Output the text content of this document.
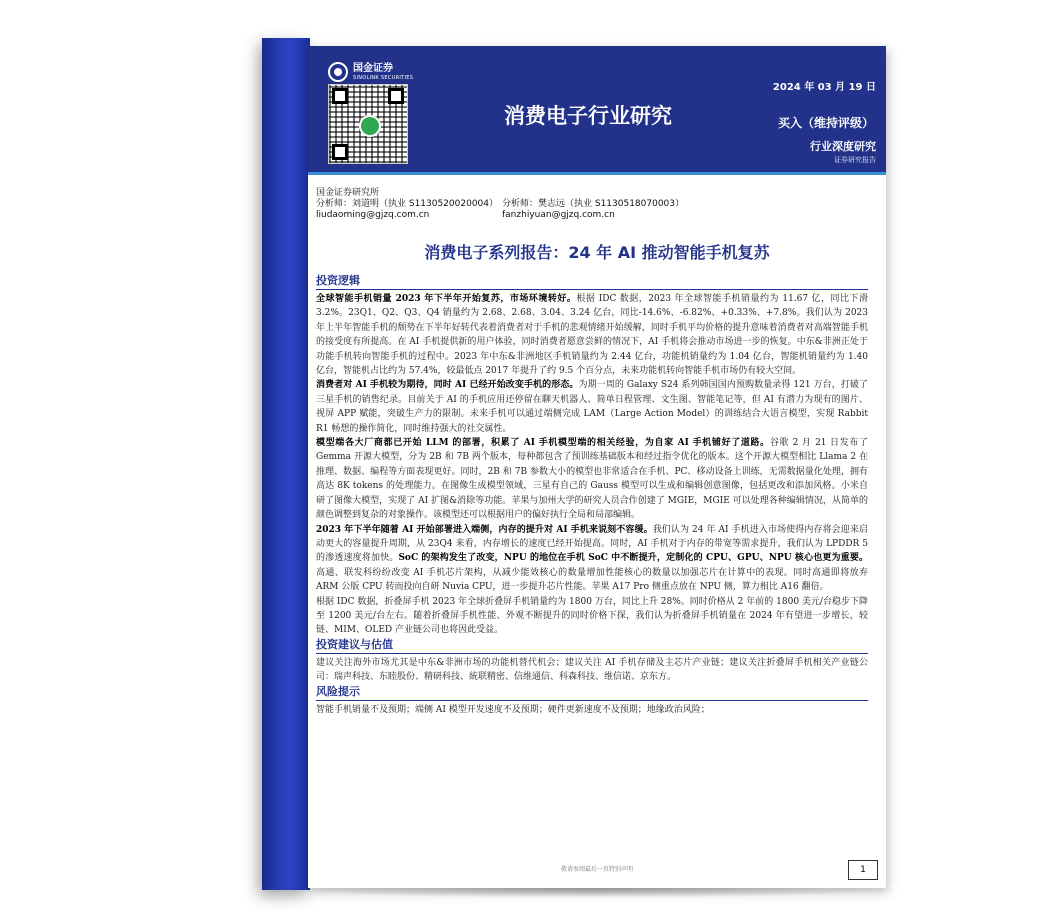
国金证券
SINOLINK SECURITIES
2024 年 03 月 19 日
消费电子行业研究	买入（维持评级）
行业深度研究
证券研究报告
国金证券研究所
分析师：刘道明（执业 S1130520020004） 分析师：樊志远（执业 S1130518070003）
liudaoming@gjzq.com.cn	fanzhiyuan@gjzq.com.cn
消费电子系列报告：24 年 AI 推动智能手机复苏
投资逻辑

全球智能手机销量 2023 年下半年开始复苏，市场环境转好。根据 IDC 数据，2023 年全球智能手机销量约为 11.67 亿，同比下滑 3.2%。23Q1、Q2、Q3、Q4 销量约为 2.68、2.68、3.04、3.24 亿台，同比-14.6%、-6.82%、+0.33%、+7.8%。我们认为 2023 年上半年智能手机的颓势在下半年好转代表着消费者对于手机的悲观情绪开始缓解，同时手机平均价格的提升意味着消费者对高端智能手机的接受度有所提高。在 AI 手机提供新的用户体验，同时消费者愿意尝鲜的情况下，AI 手机将会推动市场进一步的恢复。中东&非洲正处于功能手机转向智能手机的过程中。2023 年中东&非洲地区手机销量约为 2.44 亿台，功能机销量约为 1.04 亿台，智能机销量约为 1.40 亿台，智能机占比约为 57.4%，较最低点 2017 年提升了约 9.5 个百分点，未来功能机转向智能手机市场仍有较大空间。

消费者对 AI 手机较为期待，同时 AI 已经开始改变手机的形态。为期一周的 Galaxy S24 系列韩国国内预购数量录得 121 万台，打破了三星手机的销售纪录。目前关于 AI 的手机应用还停留在聊天机器人、简单日程管理、文生图、智能笔记等，但 AI 有潜力为现有的图片、视屏 APP 赋能，突破生产力的限制。未来手机可以通过端侧完成 LAM（Large Action Model）的训练结合大语言模型，实现 Rabbit R1 畅想的操作简化，同时维持强大的社交属性。

模型端各大厂商都已开始 LLM 的部署，积累了 AI 手机模型端的相关经验，为自家 AI 手机铺好了道路。谷歌 2 月 21 日发布了 Gemma 开源大模型，分为 2B 和 7B 两个版本，每种都包含了预训练基础版本和经过指令优化的版本。这个开源大模型相比 Llama 2 在推理、数据、编程等方面表现更好。同时，2B 和 7B 参数大小的模型也非常适合在手机、PC、移动设备上训练，无需数据量化处理，拥有高达 8K tokens 的处理能力。在图像生成模型领域，三星有自己的 Gauss 模型可以生成和编辑创意图像，包括更改和添加风格。小米自研了图像大模型，实现了 AI 扩图&消除等功能。苹果与加州大学的研究人员合作创建了 MGIE，MGIE 可以处理各种编辑情况，从简单的颜色调整到复杂的对象操作。该模型还可以根据用户的偏好执行全局和局部编辑。

2023 年下半年随着 AI 开始部署进入端侧，内存的提升对 AI 手机来说刻不容缓。我们认为 24 年 AI 手机进入市场使得内存将会迎来启动更大的容量提升周期，从 23Q4 来看，内存增长的速度已经开始提高。同时，AI 手机对于内存的带宽等需求提升，我们认为 LPDDR 5 的渗透速度将加快。SoC 的架构发生了改变，NPU 的地位在手机 SoC 中不断提升，定制化的 CPU、GPU、NPU 核心也更为重要。高通、联发科纷纷改变 AI 手机芯片架构，从减少能效核心的数量增加性能核心的数量以加强芯片在计算中的表现。同时高通即将放弃 ARM 公版 CPU 转而投向自研 Nuvia CPU，进一步提升芯片性能。苹果 A17 Pro 侧重点放在 NPU 侧，算力相比 A16 翻倍。

根据 IDC 数据，折叠屏手机 2023 年全球折叠屏手机销量约为 1800 万台，同比上升 28%。同时价格从 2 年前的 1800 美元/台稳步下降至 1200 美元/台左右。随着折叠屏手机性能、外观不断提升的同时价格下探，我们认为折叠屏手机销量在 2024 年有望进一步增长，较链、MIM、OLED 产业链公司也将因此受益。

投资建议与估值

建议关注海外市场尤其是中东&非洲市场的功能机替代机会；建议关注 AI 手机存储及主芯片产业链；建议关注折叠屏手机相关产业链公司：瑞声科技、东睦股份、精研科技、統联精密、信维通信、科森科技、维信诺、京东方。

风险提示

智能手机销量不及预期；端侧 AI 模型开发速度不及预期；硬件更新速度不及预期；地缘政治风险；

敬请参阅最后一页特别声明	1
